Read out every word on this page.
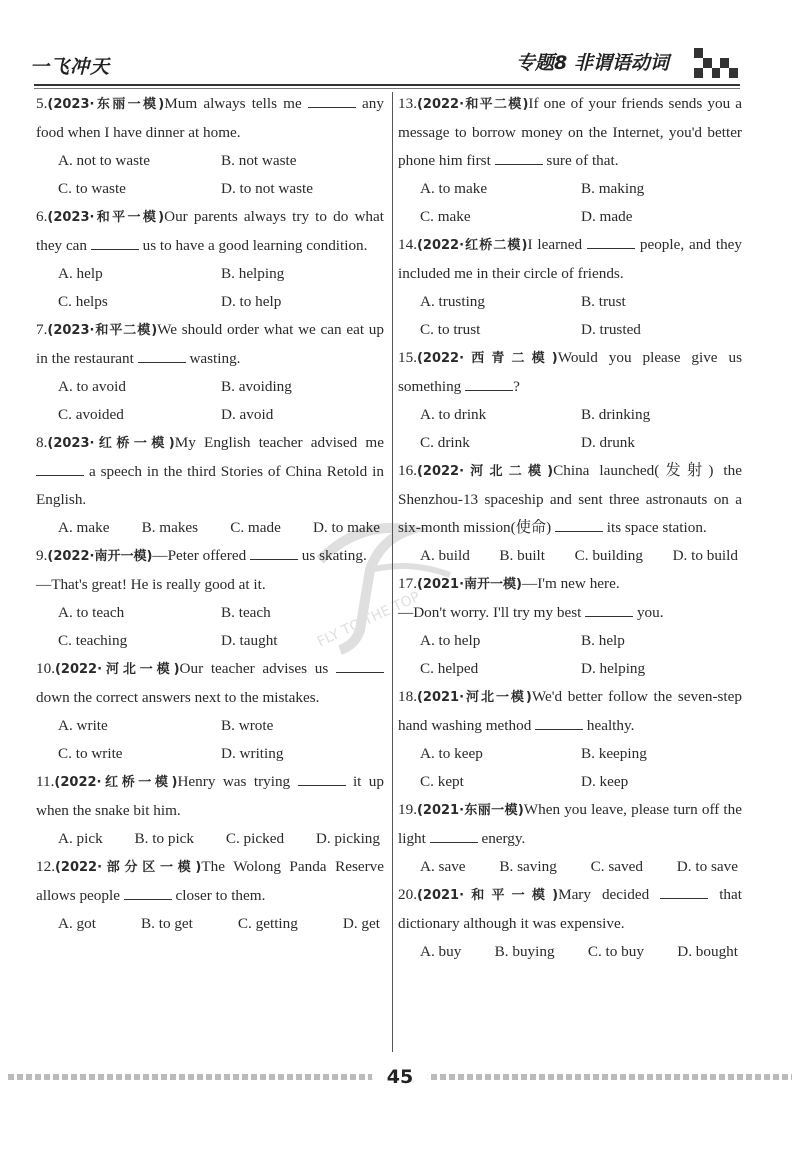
一飞冲天	专题8 非谓语动词
FLY TO THE TOP
5.(2023·东丽一模)Mum always tells me	any food when I have dinner at home.
A. not to waste	B. not waste
C. to waste	D. to not waste
6.(2023·和平一模)Our parents always try to do what they can	us to have a good learning condition.
A. help	B. helping
C. helps	D. to help
7.(2023·和平二模)We should order what we can eat up in the restaurant	wasting.
A. to avoid	B. avoiding
C. avoided	D. avoid
8.(2023·红桥一模)My English teacher advised me  a speech in the third Stories of China Retold in English.
A. make B. makes C. made D. to make
9.(2022·南开一模)—Peter offered	us skating.
—That's great! He is really good at it.
A. to teach	B. teach
C. teaching	D. taught
10.(2022·河北一模)Our teacher advises us  down the correct answers next to the mistakes.
A. write	B. wrote
C. to write	D. writing
11.(2022·红桥一模)Henry was trying	it up when the snake bit him.
A. pick B. to pick C. picked D. picking
12.(2022·部分区一模)The Wolong Panda Reserve allows people	closer to them.
A. got	B. to get	C. getting	D. get
13.(2022·和平二模)If one of your friends sends you a message to borrow money on the Internet, you'd better phone him first	sure of that.
A. to make	B. making
C. make	D. made
14.(2022·红桥二模)I learned	people, and they included me in their circle of friends.
A. trusting	B. trust
C. to trust	D. trusted
15.(2022·西青二模)Would you please give us something	?
A. to drink	B. drinking
C. drink	D. drunk
16.(2022·河北二模)China launched(发射) the Shenzhou-13 spaceship and sent three astronauts on a six-month mission(使命)	its space station.
A. build B. built C. building D. to build
17.(2021·南开一模)—I'm new here.
—Don't worry. I'll try my best	you.
A. to help	B. help
C. helped	D. helping
18.(2021·河北一模)We'd better follow the seven-step hand washing method	healthy.
A. to keep	B. keeping
C. kept	D. keep
19.(2021·东丽一模)When you leave, please turn off the light	energy.
A. save B. saving C. saved D. to save
20.(2021·和平一模)Mary decided	that dictionary although it was expensive.
A. buy B. buying C. to buy D. bought
45
